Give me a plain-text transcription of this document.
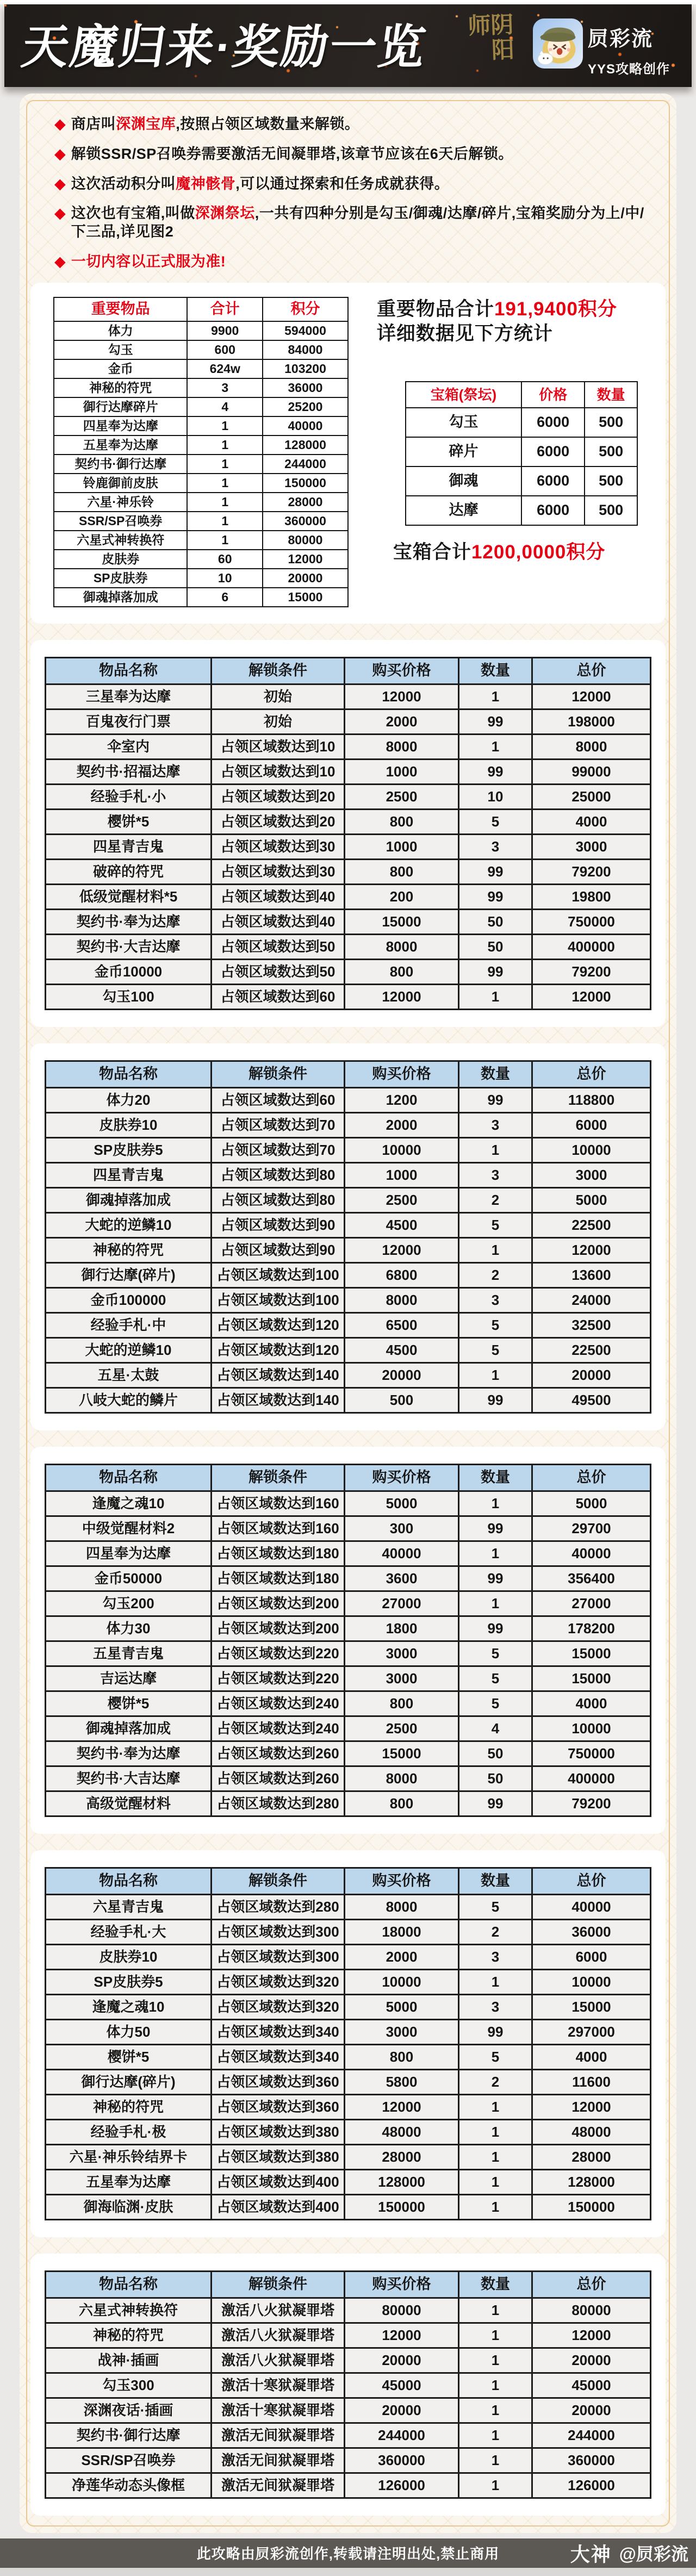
天魔归来·奖励一览	阴阳师
屃彩流
YYS攻略创作
◆ 商店叫深渊宝库,按照占领区域数量来解锁。

◆ 解锁SSR/SP召唤券需要激活无间凝罪塔,该章节应该在6天后解锁。

◆ 这次活动积分叫魔神骸骨,可以通过探索和任务成就获得。

◆ 这次也有宝箱,叫做深渊祭坛,一共有四种分别是勾玉/御魂/达摩/碎片,宝箱奖励分为上/中/下三品,详见图2

◆ 一切内容以正式服为准!

重要物品	合计	积分
体力	9900	594000
勾玉	600	84000
金币	624w	103200
神秘的符咒	3	36000
御行达摩碎片	4	25200
四星奉为达摩	1	40000
五星奉为达摩	1	128000
契约书·御行达摩	1	244000
铃鹿御前皮肤	1	150000
六星·神乐铃	1	28000
SSR/SP召唤券	1	360000
六星式神转换符	1	80000
皮肤券	60	12000
SP皮肤券	10	20000
御魂掉落加成	6	15000
重要物品合计191,9400积分
详细数据见下方统计
宝箱(祭坛)	价格	数量
勾玉	6000	500
碎片	6000	500
御魂	6000	500
达摩	6000	500
宝箱合计1200,0000积分
物品名称	解锁条件	购买价格	数量	总价
三星奉为达摩	初始	12000	1	12000
百鬼夜行门票	初始	2000	99	198000
伞室内	占领区域数达到10	8000	1	8000
契约书·招福达摩	占领区域数达到10	1000	99	99000
经验手札·小	占领区域数达到20	2500	10	25000
樱饼*5	占领区域数达到20	800	5	4000
四星青吉鬼	占领区域数达到30	1000	3	3000
破碎的符咒	占领区域数达到30	800	99	79200
低级觉醒材料*5	占领区域数达到40	200	99	19800
契约书·奉为达摩	占领区域数达到40	15000	50	750000
契约书·大吉达摩	占领区域数达到50	8000	50	400000
金币10000	占领区域数达到50	800	99	79200
勾玉100	占领区域数达到60	12000	1	12000
物品名称	解锁条件	购买价格	数量	总价
体力20	占领区域数达到60	1200	99	118800
皮肤券10	占领区域数达到70	2000	3	6000
SP皮肤券5	占领区域数达到70	10000	1	10000
四星青吉鬼	占领区域数达到80	1000	3	3000
御魂掉落加成	占领区域数达到80	2500	2	5000
大蛇的逆鳞10	占领区域数达到90	4500	5	22500
神秘的符咒	占领区域数达到90	12000	1	12000
御行达摩(碎片)	占领区域数达到100	6800	2	13600
金币100000	占领区域数达到100	8000	3	24000
经验手札·中	占领区域数达到120	6500	5	32500
大蛇的逆鳞10	占领区域数达到120	4500	5	22500
五星·太鼓	占领区域数达到140	20000	1	20000
八岐大蛇的鳞片	占领区域数达到140	500	99	49500
物品名称	解锁条件	购买价格	数量	总价
逢魔之魂10	占领区域数达到160	5000	1	5000
中级觉醒材料2	占领区域数达到160	300	99	29700
四星奉为达摩	占领区域数达到180	40000	1	40000
金币50000	占领区域数达到180	3600	99	356400
勾玉200	占领区域数达到200	27000	1	27000
体力30	占领区域数达到200	1800	99	178200
五星青吉鬼	占领区域数达到220	3000	5	15000
吉运达摩	占领区域数达到220	3000	5	15000
樱饼*5	占领区域数达到240	800	5	4000
御魂掉落加成	占领区域数达到240	2500	4	10000
契约书·奉为达摩	占领区域数达到260	15000	50	750000
契约书·大吉达摩	占领区域数达到260	8000	50	400000
高级觉醒材料	占领区域数达到280	800	99	79200
物品名称	解锁条件	购买价格	数量	总价
六星青吉鬼	占领区域数达到280	8000	5	40000
经验手札·大	占领区域数达到300	18000	2	36000
皮肤券10	占领区域数达到300	2000	3	6000
SP皮肤券5	占领区域数达到320	10000	1	10000
逢魔之魂10	占领区域数达到320	5000	3	15000
体力50	占领区域数达到340	3000	99	297000
樱饼*5	占领区域数达到340	800	5	4000
御行达摩(碎片)	占领区域数达到360	5800	2	11600
神秘的符咒	占领区域数达到360	12000	1	12000
经验手札·极	占领区域数达到380	48000	1	48000
六星·神乐铃结界卡	占领区域数达到380	28000	1	28000
五星奉为达摩	占领区域数达到400	128000	1	128000
御海临渊·皮肤	占领区域数达到400	150000	1	150000
物品名称	解锁条件	购买价格	数量	总价
六星式神转换符	激活八火狱凝罪塔	80000	1	80000
神秘的符咒	激活八火狱凝罪塔	12000	1	12000
战神·插画	激活八火狱凝罪塔	20000	1	20000
勾玉300	激活十寒狱凝罪塔	45000	1	45000
深渊夜话·插画	激活十寒狱凝罪塔	20000	1	20000
契约书·御行达摩	激活无间狱凝罪塔	244000	1	244000
SSR/SP召唤券	激活无间狱凝罪塔	360000	1	360000
净莲华动态头像框	激活无间狱凝罪塔	126000	1	126000
此攻略由屃彩流创作,转载请注明出处,禁止商用	大神 @屃彩流
